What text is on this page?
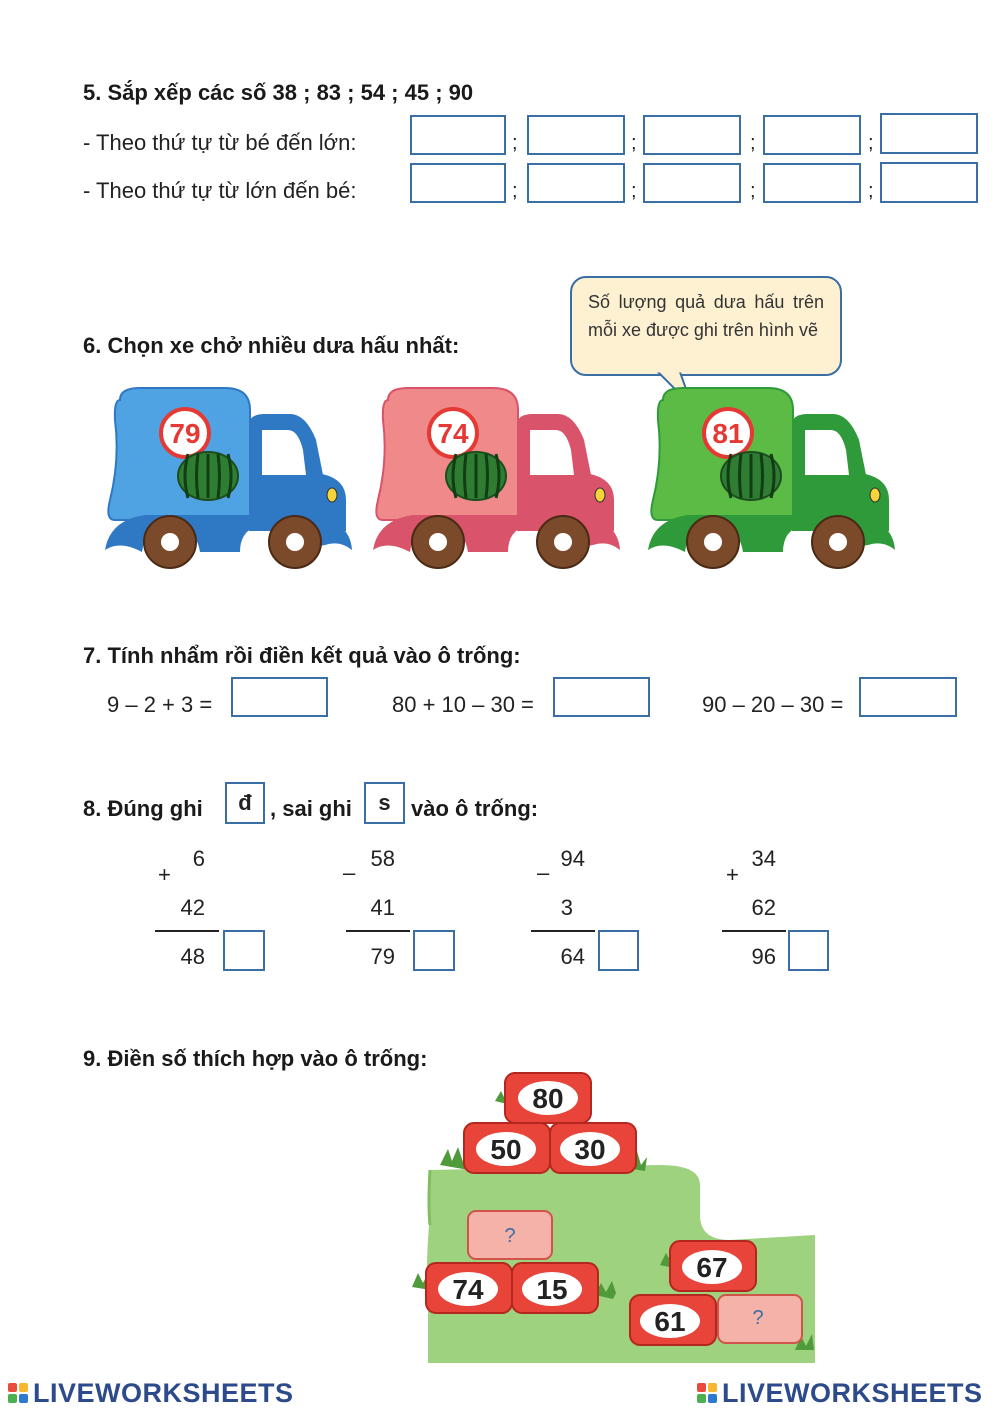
5. Sắp xếp các số 38 ; 83 ; 54 ; 45 ; 90
- Theo thứ tự từ bé đến lớn:	;	;	;	;
- Theo thứ tự từ lớn đến bé:	;	;	;	;
6. Chọn xe chở nhiều dưa hấu nhất:
Số lượng quả dưa hấu trên mỗi xe được ghi trên hình vẽ
79	74	81
7. Tính nhẩm rồi điền kết quả vào ô trống:
9 – 2 + 3 =	80 + 10 – 30 =	90 – 20 – 30 =
8. Đúng ghi	đ , sai ghi	s vào ô trống:
+
6
42
48
–
58
41
79
–
94
3
64
+
34
62
96
9. Điền số thích hợp vào ô trống:
80
50 30
?
74 15
67
61	?
LIVEWORKSHEETS	LIVEWORKSHEETS
